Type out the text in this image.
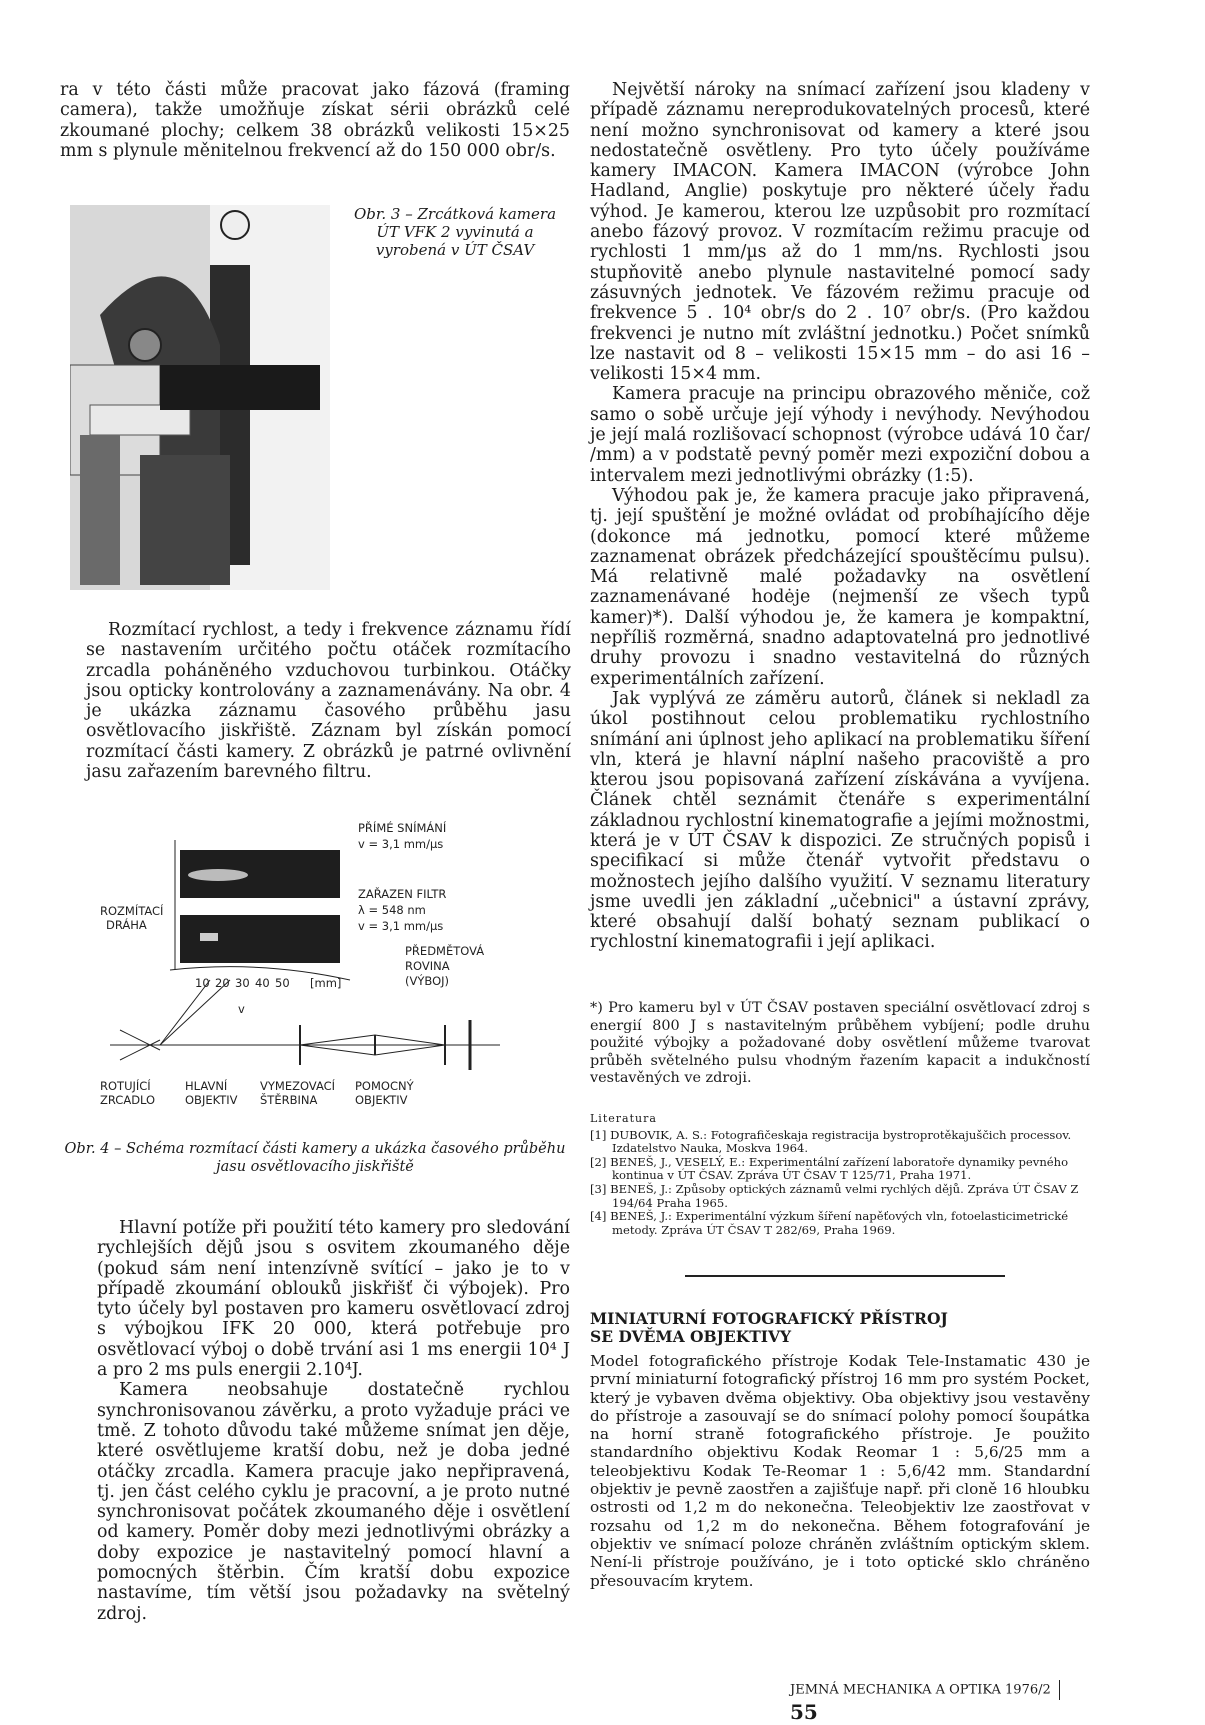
ra v této části může pracovat jako fázová (framing camera), takže umožňuje získat sérii obrázků celé zkoumané plochy; celkem 38 obrázků velikosti 15×25 mm s plynule měnitelnou frekvencí až do 150 000 obr/s.

Obr. 3 – Zrcátková kamera ÚT VFK 2 vyvinutá a vyrobená v ÚT ČSAV

Rozmítací rychlost, a tedy i frekvence záznamu řídí se nastavením určitého počtu otáček rozmítacího zrcadla poháněného vzduchovou turbinkou. Otáčky jsou opticky kontrolovány a zaznamenávány. Na obr. 4 je ukázka záznamu časového průběhu jasu osvětlovacího jiskřiště. Záznam byl získán pomocí rozmítací části kamery. Z obrázků je patrné ovlivnění jasu zařazením barevného filtru.

PŘÍMÉ SNÍMÁNÍ
v = 3,1 mm/µs
ZAŘAZEN FILTR
λ = 548 nm
v = 3,1 mm/µs
ROZMÍTACÍ
DRÁHA
10 20 30 40 50 [mm]
v
PŘEDMĚTOVÁ
ROVINA
(VÝBOJ)
ROTUJÍCÍ
ZRCADLO
HLAVNÍ
OBJEKTIV
VYMEZOVACÍ
ŠTĚRBINA
POMOCNÝ
OBJEKTIV
Obr. 4 – Schéma rozmítací části kamery a ukázka časového průběhu jasu osvětlovacího jiskřiště

Hlavní potíže při použití této kamery pro sledování rychlejších dějů jsou s osvitem zkoumaného děje (pokud sám není intenzívně svítící – jako je to v případě zkoumání oblouků jiskřišť či výbojek). Pro tyto účely byl postaven pro kameru osvětlovací zdroj s výbojkou IFK 20 000, která potřebuje pro osvětlovací výboj o době trvání asi 1 ms energii 10⁴ J a pro 2 ms puls energii 2.10⁴J.

Kamera neobsahuje dostatečně rychlou synchronisovanou závěrku, a proto vyžaduje práci ve tmě. Z tohoto důvodu také můžeme snímat jen děje, které osvětlujeme kratší dobu, než je doba jedné otáčky zrcadla. Kamera pracuje jako nepřipravená, tj. jen část celého cyklu je pracovní, a je proto nutné synchronisovat počátek zkoumaného děje i osvětlení od kamery. Poměr doby mezi jednotlivými obrázky a doby expozice je nastavitelný pomocí hlavní a pomocných štěrbin. Čím kratší dobu expozice nastavíme, tím větší jsou požadavky na světelný zdroj.

Největší nároky na snímací zařízení jsou kladeny v případě záznamu nereprodukovatelných procesů, které není možno synchronisovat od kamery a které jsou nedostatečně osvětleny. Pro tyto účely používáme kamery IMACON. Kamera IMACON (výrobce John Hadland, Anglie) poskytuje pro některé účely řadu výhod. Je kamerou, kterou lze uzpůsobit pro rozmítací anebo fázový provoz. V rozmítacím režimu pracuje od rychlosti 1 mm/µs až do 1 mm/ns. Rychlosti jsou stupňovitě anebo plynule nastavitelné pomocí sady zásuvných jednotek. Ve fázovém režimu pracuje od frekvence 5 . 10⁴ obr/s do 2 . 10⁷ obr/s. (Pro každou frekvenci je nutno mít zvláštní jednotku.) Počet snímků lze nastavit od 8 – velikosti 15×15 mm – do asi 16 – velikosti 15×4 mm.

Kamera pracuje na principu obrazového měniče, což samo o sobě určuje její výhody i nevýhody. Nevýhodou je její malá rozlišovací schopnost (výrobce udává 10 čar/ /mm) a v podstatě pevný poměr mezi expoziční dobou a intervalem mezi jednotlivými obrázky (1:5).

Výhodou pak je, že kamera pracuje jako připravená, tj. její spuštění je možné ovládat od probíhajícího děje (dokonce má jednotku, pomocí které můžeme zaznamenat obrázek předcházející spouštěcímu pulsu). Má relativně malé požadavky na osvětlení zaznamenávané hodėje (nejmenší ze všech typů kamer)*). Další výhodou je, že kamera je kompaktní, nepříliš rozměrná, snadno adaptovatelná pro jednotlivé druhy provozu i snadno vestavitelná do různých experimentálních zařízení.

Jak vyplývá ze záměru autorů, článek si nekladl za úkol postihnout celou problematiku rychlostního snímání ani úplnost jeho aplikací na problematiku šíření vln, která je hlavní náplní našeho pracoviště a pro kterou jsou popisovaná zařízení získávána a vyvíjena. Článek chtěl seznámit čtenáře s experimentální základnou rychlostní kinematografie a jejími možnostmi, která je v ÚT ČSAV k dispozici. Ze stručných popisů i specifikací si může čtenář vytvořit představu o možnostech jejího dalšího využití. V seznamu literatury jsme uvedli jen základní „učebnici" a ústavní zprávy, které obsahují další bohatý seznam publikací o rychlostní kinematografii i její aplikaci.

*) Pro kameru byl v ÚT ČSAV postaven speciální osvětlovací zdroj s energií 800 J s nastavitelným průběhem vybíjení; podle druhu použité výbojky a požadované doby osvětlení můžeme tvarovat průběh světelného pulsu vhodným řazením kapacit a indukčností vestavěných ve zdroji.
Literatura

[1] DUBOVIK, A. S.: Fotografičeskaja registracija bystroprotěkajuščich processov. Izdatelstvo Nauka, Moskva 1964.

[2] BENEŠ, J., VESELÝ, E.: Experimentální zařízení laboratoře dynamiky pevného kontinua v ÚT ČSAV. Zpráva ÚT ČSAV T 125/71, Praha 1971.

[3] BENEŠ, J.: Způsoby optických záznamů velmi rychlých dějů. Zpráva ÚT ČSAV Z 194/64 Praha 1965.

[4] BENEŠ, J.: Experimentální výzkum šíření napěťových vln, fotoelasticimetrické metody. Zpráva ÚT ČSAV T 282/69, Praha 1969.

MINIATURNÍ FOTOGRAFICKÝ PŘÍSTROJ
SE DVĚMA OBJEKTIVY
Model fotografického přístroje Kodak Tele-Instamatic 430 je první miniaturní fotografický přístroj 16 mm pro systém Pocket, který je vybaven dvěma objektivy. Oba objektivy jsou vestavěny do přístroje a zasouvají se do snímací polohy pomocí šoupátka na horní straně fotografického přístroje. Je použito standardního objektivu Kodak Reomar 1 : 5,6/25 mm a teleobjektivu Kodak Te-Reomar 1 : 5,6/42 mm. Standardní objektiv je pevně zaostřen a zajišťuje např. při cloně 16 hloubku ostrosti od 1,2 m do nekonečna. Teleobjektiv lze zaostřovat v rozsahu od 1,2 m do nekonečna. Během fotografování je objektiv ve snímací poloze chráněn zvláštním optickým sklem. Není-li přístroje používáno, je i toto optické sklo chráněno přesouvacím krytem.
JEMNÁ MECHANIKA A OPTIKA 1976/255
